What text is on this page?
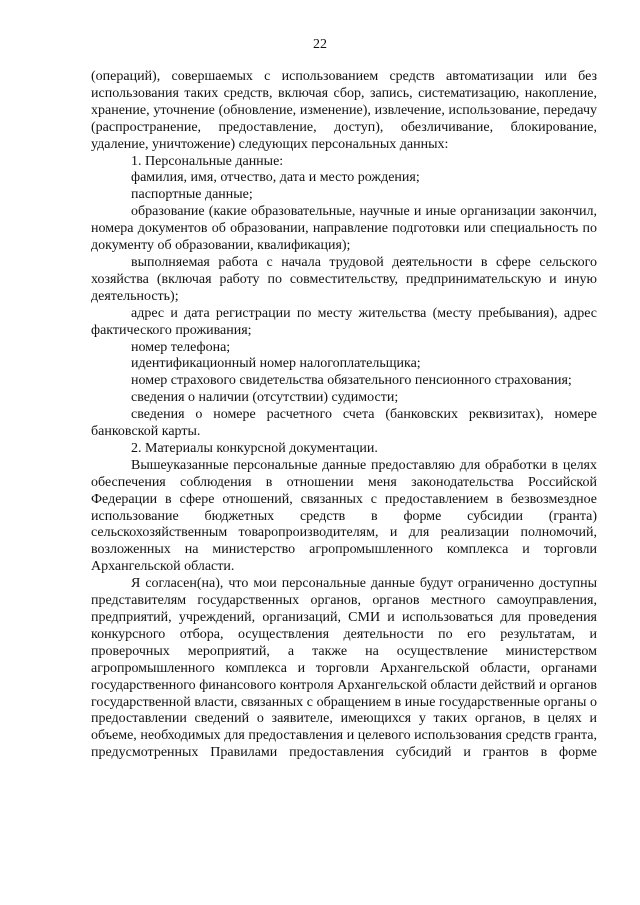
22

(операций), совершаемых с использованием средств автоматизации или без использования таких средств, включая сбор, запись, систематизацию, накопление, хранение, уточнение (обновление, изменение), извлечение, использование, передачу (распространение, предоставление, доступ), обезличивание, блокирование, удаление, уничтожение) следующих персональных данных:

1. Персональные данные:

фамилия, имя, отчество, дата и место рождения;

паспортные данные;

образование (какие образовательные, научные и иные организации закончил, номера документов об образовании, направление подготовки или специальность по документу об образовании, квалификация);

выполняемая работа с начала трудовой деятельности в сфере сельского хозяйства (включая работу по совместительству, предпринимательскую и иную деятельность);

адрес и дата регистрации по месту жительства (месту пребывания), адрес фактического проживания;

номер телефона;

идентификационный номер налогоплательщика;

номер страхового свидетельства обязательного пенсионного страхования;

сведения о наличии (отсутствии) судимости;

сведения о номере расчетного счета (банковских реквизитах), номере банковской карты.

2. Материалы конкурсной документации.

Вышеуказанные персональные данные предоставляю для обработки в целях обеспечения соблюдения в отношении меня законодательства Российской Федерации в сфере отношений, связанных с предоставлением в безвозмездное использование бюджетных средств в форме субсидии (гранта) сельскохозяйственным товаропроизводителям, и для реализации полномочий, возложенных на министерство агропромышленного комплекса и торговли Архангельской области.

Я согласен(на), что мои персональные данные будут ограниченно доступны представителям государственных органов, органов местного самоуправления, предприятий, учреждений, организаций, СМИ и использоваться для проведения конкурсного отбора, осуществления деятельности по его результатам, и проверочных мероприятий, а также на осуществление министерством агропромышленного комплекса и торговли Архангельской области, органами государственного финансового контроля Архангельской области действий и органов государственной власти, связанных с обращением в иные государственные органы о предоставлении сведений о заявителе, имеющихся у таких органов, в целях и объеме, необходимых для предоставления и целевого использования средств гранта, предусмотренных Правилами предоставления субсидий и грантов в форме
